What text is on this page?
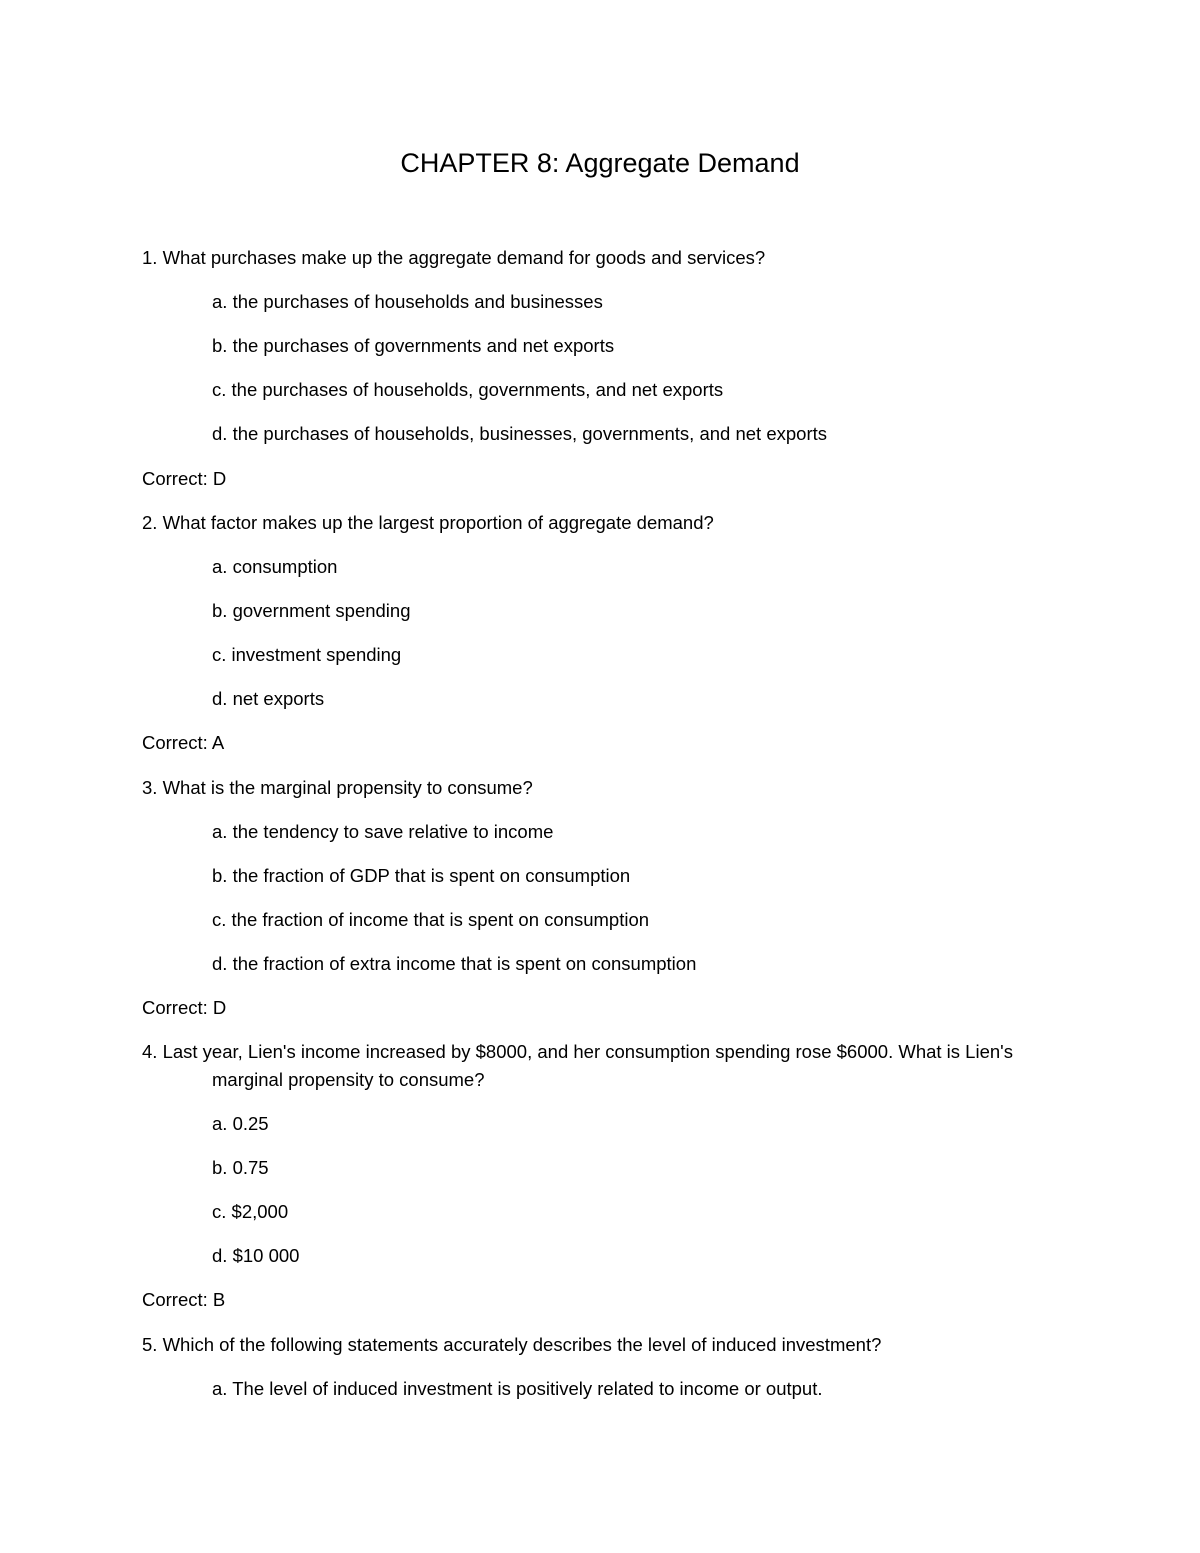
CHAPTER 8: Aggregate Demand
1. What purchases make up the aggregate demand for goods and services?
a. the purchases of households and businesses
b. the purchases of governments and net exports
c. the purchases of households, governments, and net exports
d. the purchases of households, businesses, governments, and net exports
Correct: D
2. What factor makes up the largest proportion of aggregate demand?
a. consumption
b. government spending
c. investment spending
d. net exports
Correct: A
3. What is the marginal propensity to consume?
a. the tendency to save relative to income
b. the fraction of GDP that is spent on consumption
c. the fraction of income that is spent on consumption
d. the fraction of extra income that is spent on consumption
Correct: D
4. Last year, Lien's income increased by $8000, and her consumption spending rose $6000. What is Lien's
marginal propensity to consume?
a. 0.25
b. 0.75
c. $2,000
d. $10 000
Correct: B
5. Which of the following statements accurately describes the level of induced investment?
a. The level of induced investment is positively related to income or output.
